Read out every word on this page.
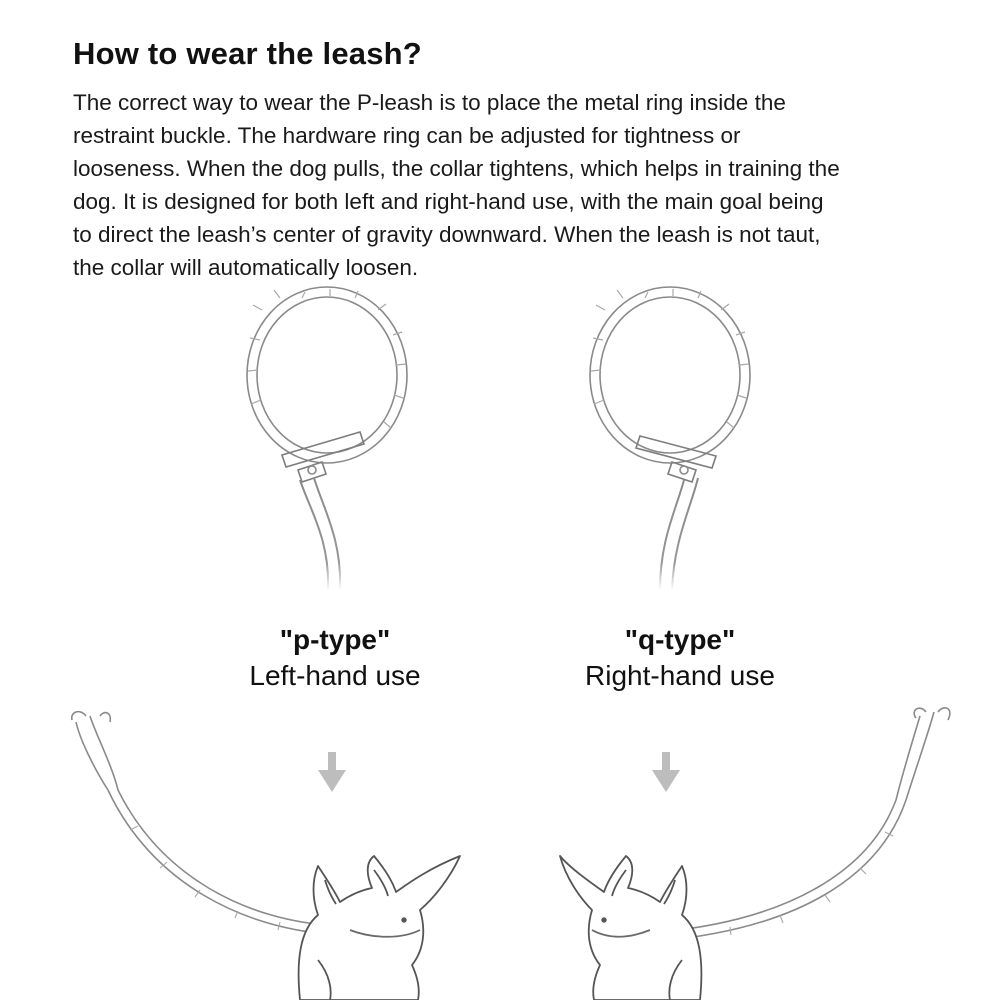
How to wear the leash?

The correct way to wear the P-leash is to place the metal ring inside the
restraint buckle. The hardware ring can be adjusted for tightness or
looseness. When the dog pulls, the collar tightens, which helps in training the
dog. It is designed for both left and right-hand use, with the main goal being
to direct the leash’s center of gravity downward. When the leash is not taut,
the collar will automatically loosen.

"p-type"
Left-hand use
"q-type"
Right-hand use
